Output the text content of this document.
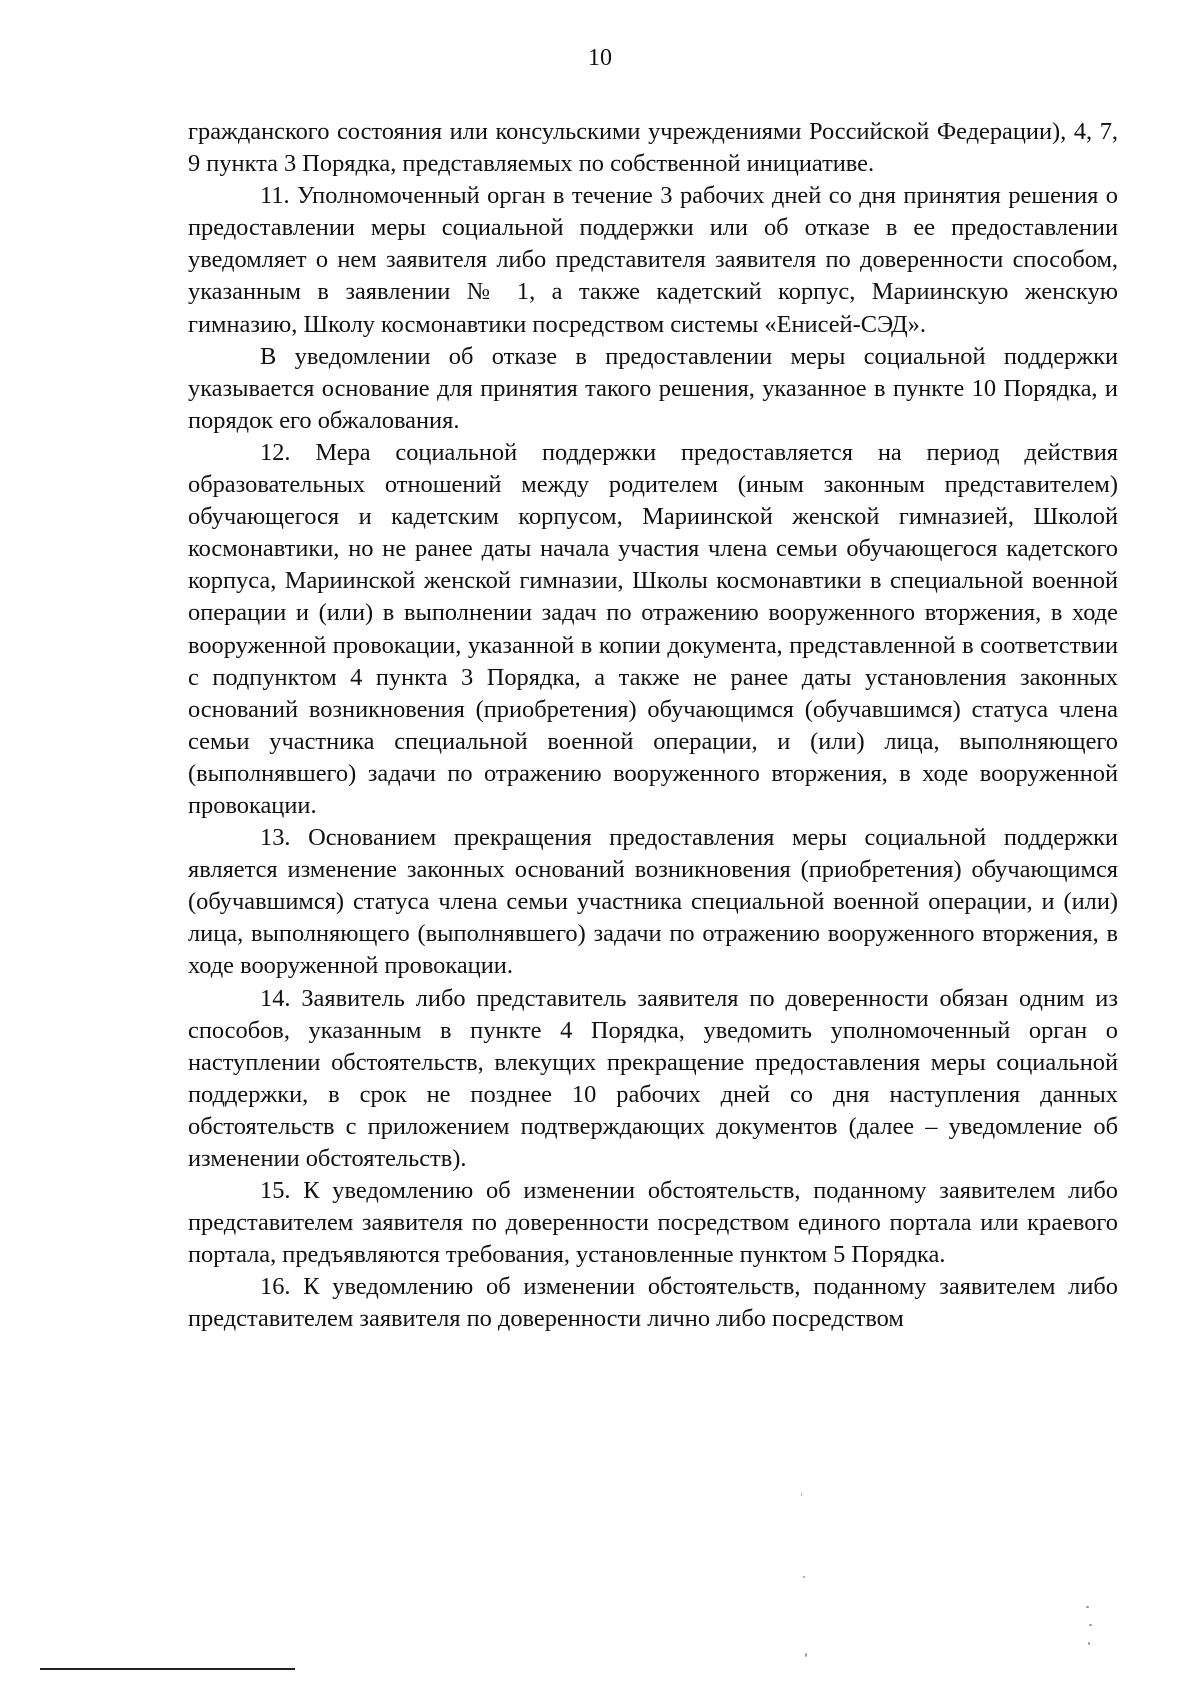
10

гражданского состояния или консульскими учреждениями Российской Федерации), 4, 7, 9 пункта 3 Порядка, представляемых по собственной инициативе.

11. Уполномоченный орган в течение 3 рабочих дней со дня принятия решения о предоставлении меры социальной поддержки или об отказе в ее предоставлении уведомляет о нем заявителя либо представителя заявителя по доверенности способом, указанным в заявлении № 1, а также кадетский корпус, Мариинскую женскую гимназию, Школу космонавтики посредством системы «Енисей-СЭД».

В уведомлении об отказе в предоставлении меры социальной поддержки указывается основание для принятия такого решения, указанное в пункте 10 Порядка, и порядок его обжалования.

12. Мера социальной поддержки предоставляется на период действия образовательных отношений между родителем (иным законным представителем) обучающегося и кадетским корпусом, Мариинской женской гимназией, Школой космонавтики, но не ранее даты начала участия члена семьи обучающегося кадетского корпуса, Мариинской женской гимназии, Школы космонавтики в специальной военной операции и (или) в выполнении задач по отражению вооруженного вторжения, в ходе вооруженной провокации, указанной в копии документа, представленной в соответствии с подпунктом 4 пункта 3 Порядка, а также не ранее даты установления законных оснований возникновения (приобретения) обучающимся (обучавшимся) статуса члена семьи участника специальной военной операции, и (или) лица, выполняющего (выполнявшего) задачи по отражению вооруженного вторжения, в ходе вооруженной провокации.

13. Основанием прекращения предоставления меры социальной поддержки является изменение законных оснований возникновения (приобретения) обучающимся (обучавшимся) статуса члена семьи участника специальной военной операции, и (или) лица, выполняющего (выполнявшего) задачи по отражению вооруженного вторжения, в ходе вооруженной провокации.

14. Заявитель либо представитель заявителя по доверенности обязан одним из способов, указанным в пункте 4 Порядка, уведомить уполномоченный орган о наступлении обстоятельств, влекущих прекращение предоставления меры социальной поддержки, в срок не позднее 10 рабочих дней со дня наступления данных обстоятельств с приложением подтверждающих документов (далее – уведомление об изменении обстоятельств).

15. К уведомлению об изменении обстоятельств, поданному заявителем либо представителем заявителя по доверенности посредством единого портала или краевого портала, предъявляются требования, установленные пунктом 5 Порядка.

16. К уведомлению об изменении обстоятельств, поданному заявителем либо представителем заявителя по доверенности лично либо посредством
